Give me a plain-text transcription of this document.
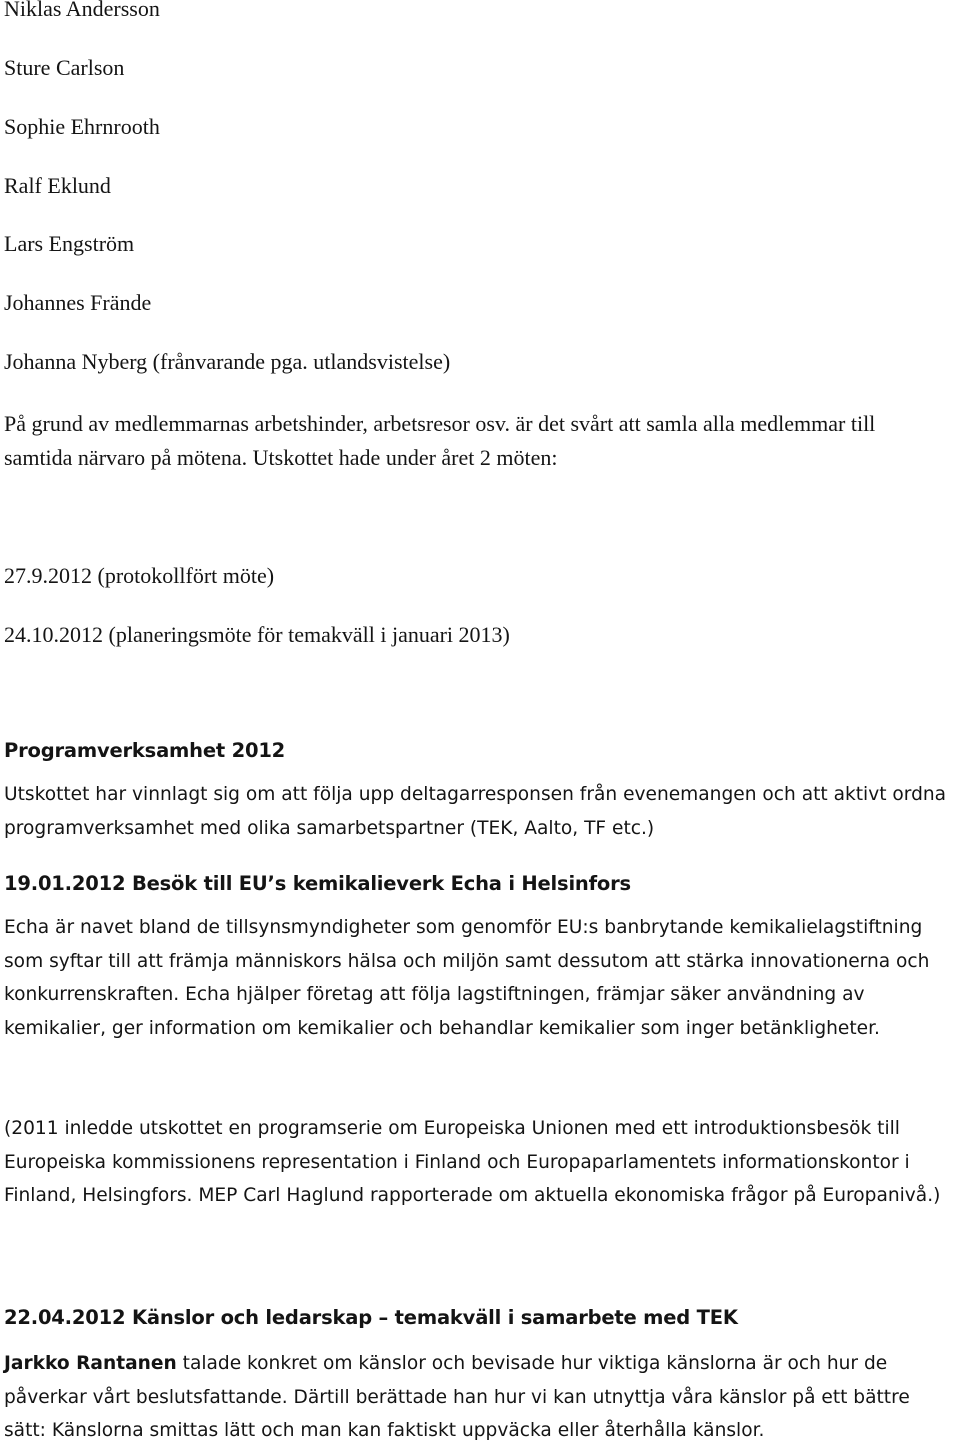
Niklas Andersson
Sture Carlson
Sophie Ehrnrooth
Ralf Eklund
Lars Engström
Johannes Frände
Johanna Nyberg (frånvarande pga. utlandsvistelse)
På grund av medlemmarnas arbetshinder, arbetsresor osv. är det svårt att samla alla medlemmar till samtida närvaro på mötena. Utskottet hade under året 2 möten:
27.9.2012 (protokollfört möte)
24.10.2012 (planeringsmöte för temakväll i januari 2013)
Programverksamhet 2012
Utskottet har vinnlagt sig om att följa upp deltagarresponsen från evenemangen och att aktivt ordna programverksamhet med olika samarbetspartner (TEK, Aalto, TF etc.)
19.01.2012 Besök till EU’s kemikalieverk Echa i Helsinfors
Echa är navet bland de tillsynsmyndigheter som genomför EU:s banbrytande kemikalielagstiftning som syftar till att främja människors hälsa och miljön samt dessutom att stärka innovationerna och konkurrenskraften. Echa hjälper företag att följa lagstiftningen, främjar säker användning av kemikalier, ger information om kemikalier och behandlar kemikalier som inger betänkligheter.
(2011 inledde utskottet en programserie om Europeiska Unionen med ett introduktionsbesök till Europeiska kommissionens representation i Finland och Europaparlamentets informationskontor i Finland, Helsingfors. MEP Carl Haglund rapporterade om aktuella ekonomiska frågor på Europanivå.)
22.04.2012 Känslor och ledarskap – temakväll i samarbete med TEK
Jarkko Rantanen talade konkret om känslor och bevisade hur viktiga känslorna är och hur de påverkar vårt beslutsfattande. Därtill berättade han hur vi kan utnyttja våra känslor på ett bättre sätt: Känslorna smittas lätt och man kan faktiskt uppväcka eller återhålla känslor.
